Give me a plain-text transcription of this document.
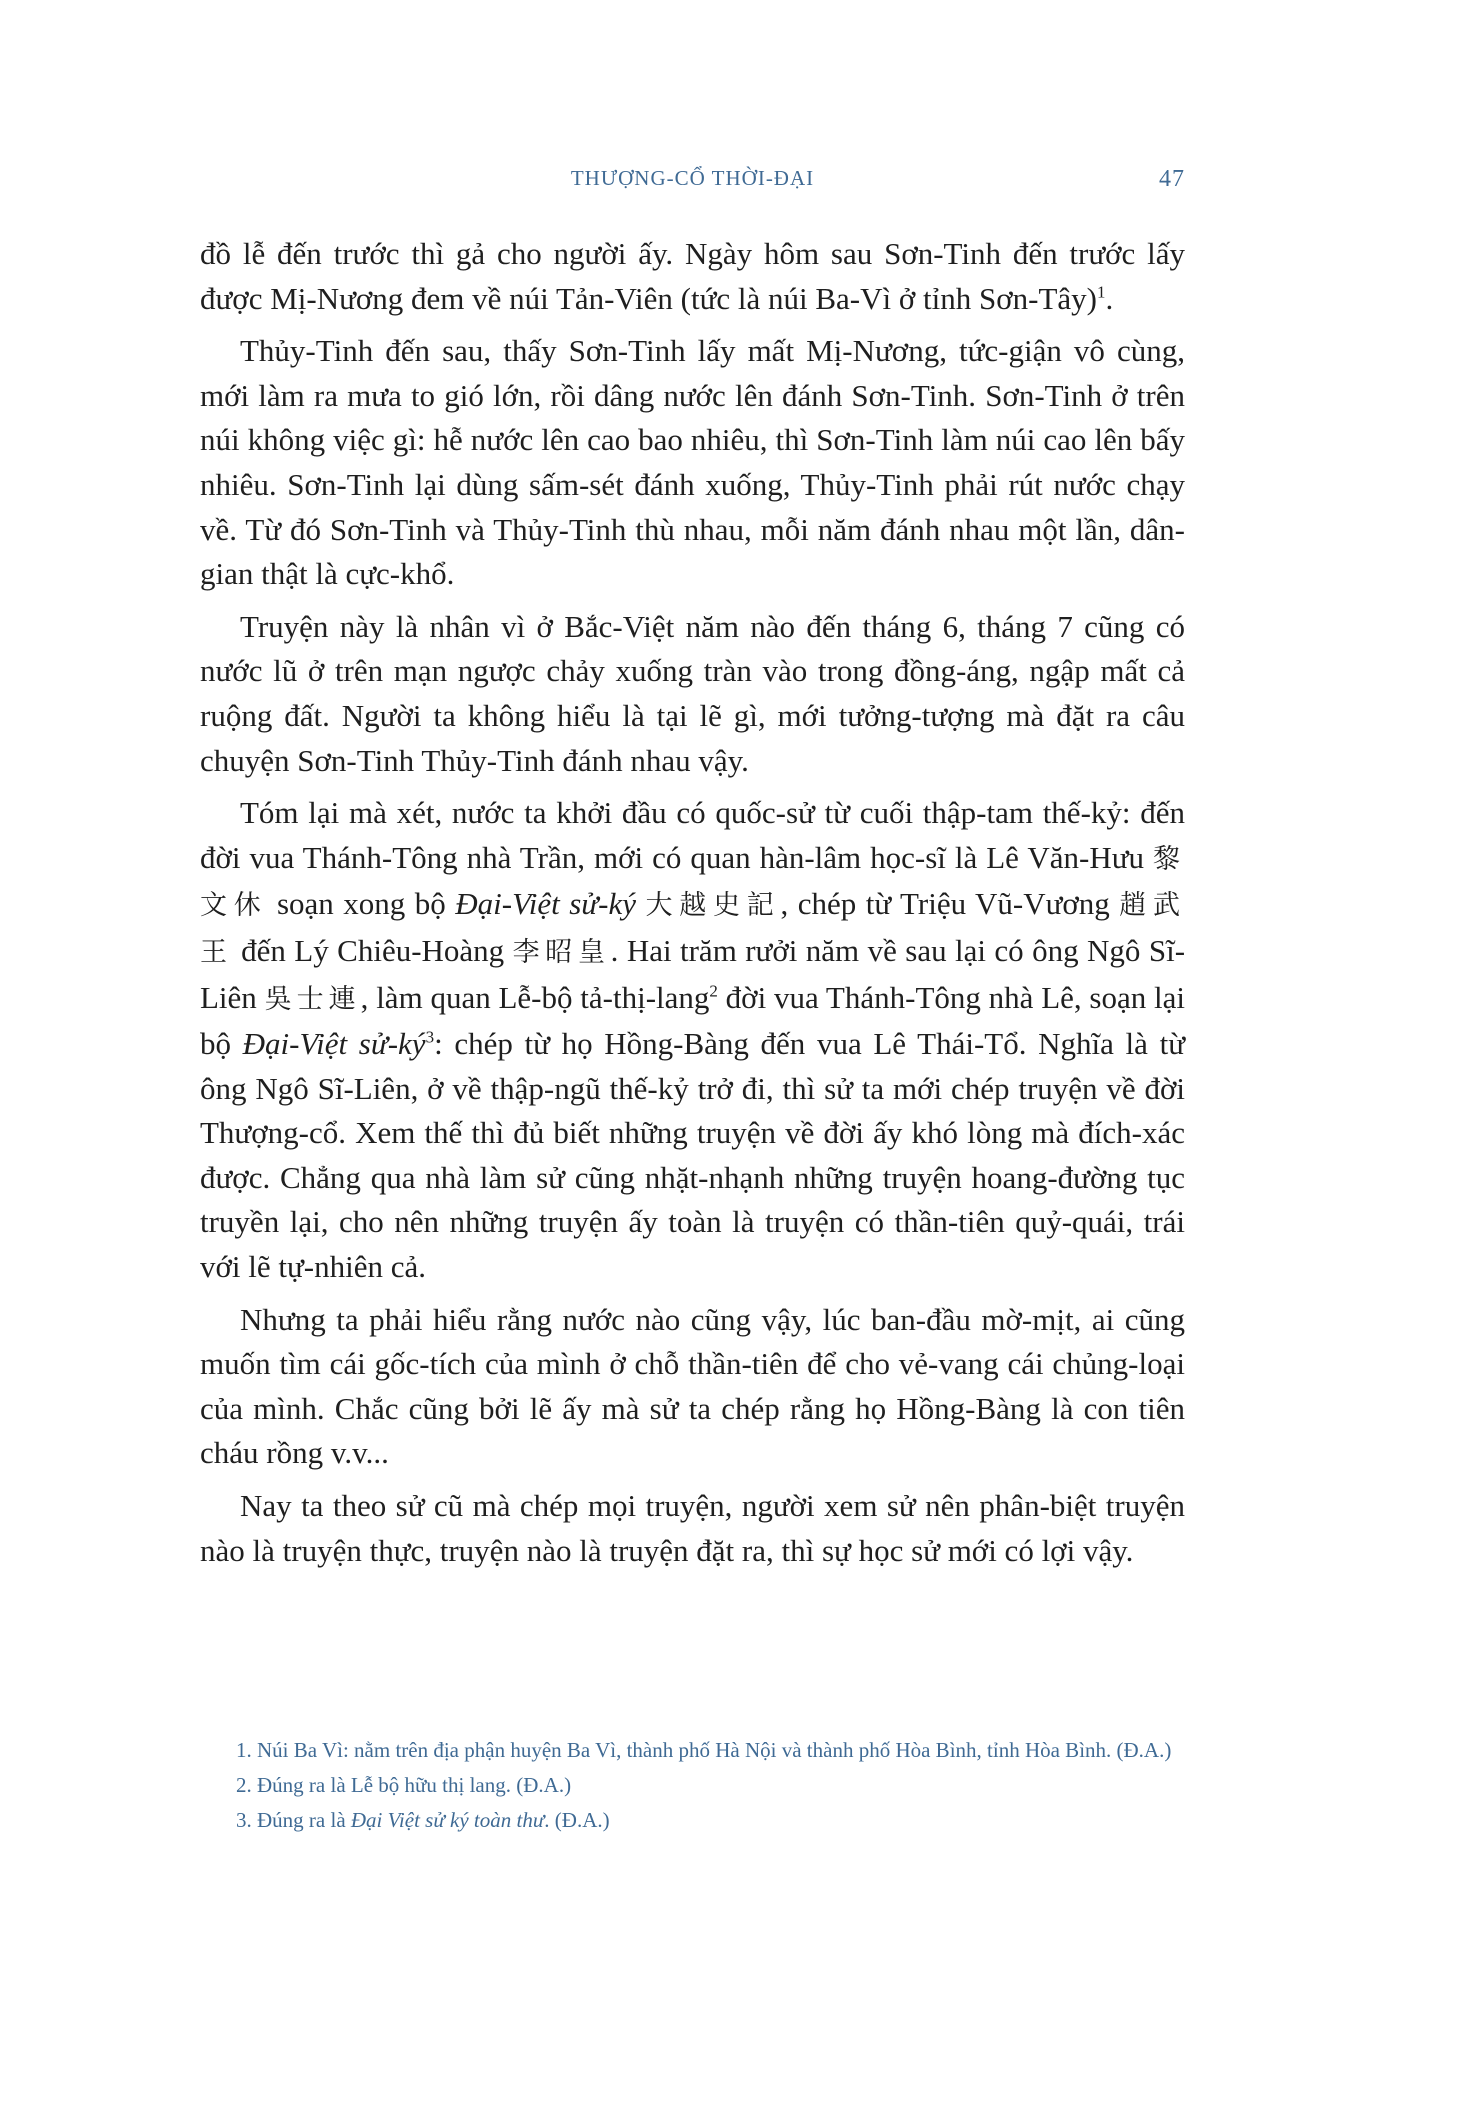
THƯỢNG-CỔ THỜI-ĐẠI	47

đồ lễ đến trước thì gả cho người ấy. Ngày hôm sau Sơn-Tinh đến trước lấy được Mị-Nương đem về núi Tản-Viên (tức là núi Ba-Vì ở tỉnh Sơn-Tây)$^1$.

Thủy-Tinh đến sau, thấy Sơn-Tinh lấy mất Mị-Nương, tức-giận vô cùng, mới làm ra mưa to gió lớn, rồi dâng nước lên đánh Sơn-Tinh. Sơn-Tinh ở trên núi không việc gì: hễ nước lên cao bao nhiêu, thì Sơn-Tinh làm núi cao lên bấy nhiêu. Sơn-Tinh lại dùng sấm-sét đánh xuống, Thủy-Tinh phải rút nước chạy về. Từ đó Sơn-Tinh và Thủy-Tinh thù nhau, mỗi năm đánh nhau một lần, dân-gian thật là cực-khổ.

Truyện này là nhân vì ở Bắc-Việt năm nào đến tháng 6, tháng 7 cũng có nước lũ ở trên mạn ngược chảy xuống tràn vào trong đồng-áng, ngập mất cả ruộng đất. Người ta không hiểu là tại lẽ gì, mới tưởng-tượng mà đặt ra câu chuyện Sơn-Tinh Thủy-Tinh đánh nhau vậy.

Tóm lại mà xét, nước ta khởi đầu có quốc-sử từ cuối thập-tam thế-kỷ: đến đời vua Thánh-Tông nhà Trần, mới có quan hàn-lâm học-sĩ là Lê Văn-Hưu 黎文休 soạn xong bộ Đại-Việt sử-ký 大越史記, chép từ Triệu Vũ-Vương 趙武王 đến Lý Chiêu-Hoàng 李昭皇. Hai trăm rưởi năm về sau lại có ông Ngô Sĩ-Liên 吳士連, làm quan Lễ-bộ tả-thị-lang$^2$ đời vua Thánh-Tông nhà Lê, soạn lại bộ Đại-Việt $sử-ký^3$: chép từ họ Hồng-Bàng đến vua Lê Thái-Tổ. Nghĩa là từ ông Ngô Sĩ-Liên, ở về thập-ngũ thế-kỷ trở đi, thì sử ta mới chép truyện về đời Thượng-cổ. Xem thế thì đủ biết những truyện về đời ấy khó lòng mà đích-xác được. Chẳng qua nhà làm sử cũng nhặt-nhạnh những truyện hoang-đường tục truyền lại, cho nên những truyện ấy toàn là truyện có thần-tiên quỷ-quái, trái với lẽ tự-nhiên cả.

Nhưng ta phải hiểu rằng nước nào cũng vậy, lúc ban-đầu mờ-mịt, ai cũng muốn tìm cái gốc-tích của mình ở chỗ thần-tiên để cho vẻ-vang cái chủng-loại của mình. Chắc cũng bởi lẽ ấy mà sử ta chép rằng họ Hồng-Bàng là con tiên cháu rồng v.v...

Nay ta theo sử cũ mà chép mọi truyện, người xem sử nên phân-biệt truyện nào là truyện thực, truyện nào là truyện đặt ra, thì sự học sử mới có lợi vậy.

1. Núi Ba Vì: nằm trên địa phận huyện Ba Vì, thành phố Hà Nội và thành phố Hòa Bình, tỉnh Hòa Bình. (Đ.A.)
2. Đúng ra là Lễ bộ hữu thị lang. (Đ.A.)
3. Đúng ra là Đại Việt sử ký toàn thư. (Đ.A.)
